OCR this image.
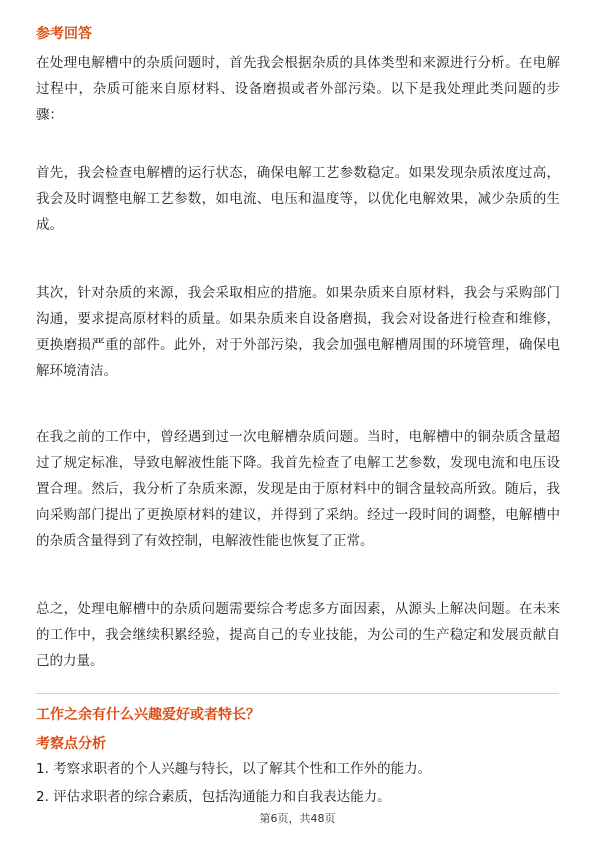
参考回答

在处理电解槽中的杂质问题时，首先我会根据杂质的具体类型和来源进行分析。在电解过程中，杂质可能来自原材料、设备磨损或者外部污染。以下是我处理此类问题的步骤：

首先，我会检查电解槽的运行状态，确保电解工艺参数稳定。如果发现杂质浓度过高，我会及时调整电解工艺参数，如电流、电压和温度等，以优化电解效果，减少杂质的生成。

其次，针对杂质的来源，我会采取相应的措施。如果杂质来自原材料，我会与采购部门沟通，要求提高原材料的质量。如果杂质来自设备磨损，我会对设备进行检查和维修，更换磨损严重的部件。此外，对于外部污染，我会加强电解槽周围的环境管理，确保电解环境清洁。

在我之前的工作中，曾经遇到过一次电解槽杂质问题。当时，电解槽中的铜杂质含量超过了规定标准，导致电解液性能下降。我首先检查了电解工艺参数，发现电流和电压设置合理。然后，我分析了杂质来源，发现是由于原材料中的铜含量较高所致。随后，我向采购部门提出了更换原材料的建议，并得到了采纳。经过一段时间的调整，电解槽中的杂质含量得到了有效控制，电解液性能也恢复了正常。

总之，处理电解槽中的杂质问题需要综合考虑多方面因素，从源头上解决问题。在未来的工作中，我会继续积累经验，提高自己的专业技能，为公司的生产稳定和发展贡献自己的力量。

工作之余有什么兴趣爱好或者特长？
考察点分析

1. 考察求职者的个人兴趣与特长，以了解其个性和工作外的能力。

2. 评估求职者的综合素质，包括沟通能力和自我表达能力。

第6页，共48页
